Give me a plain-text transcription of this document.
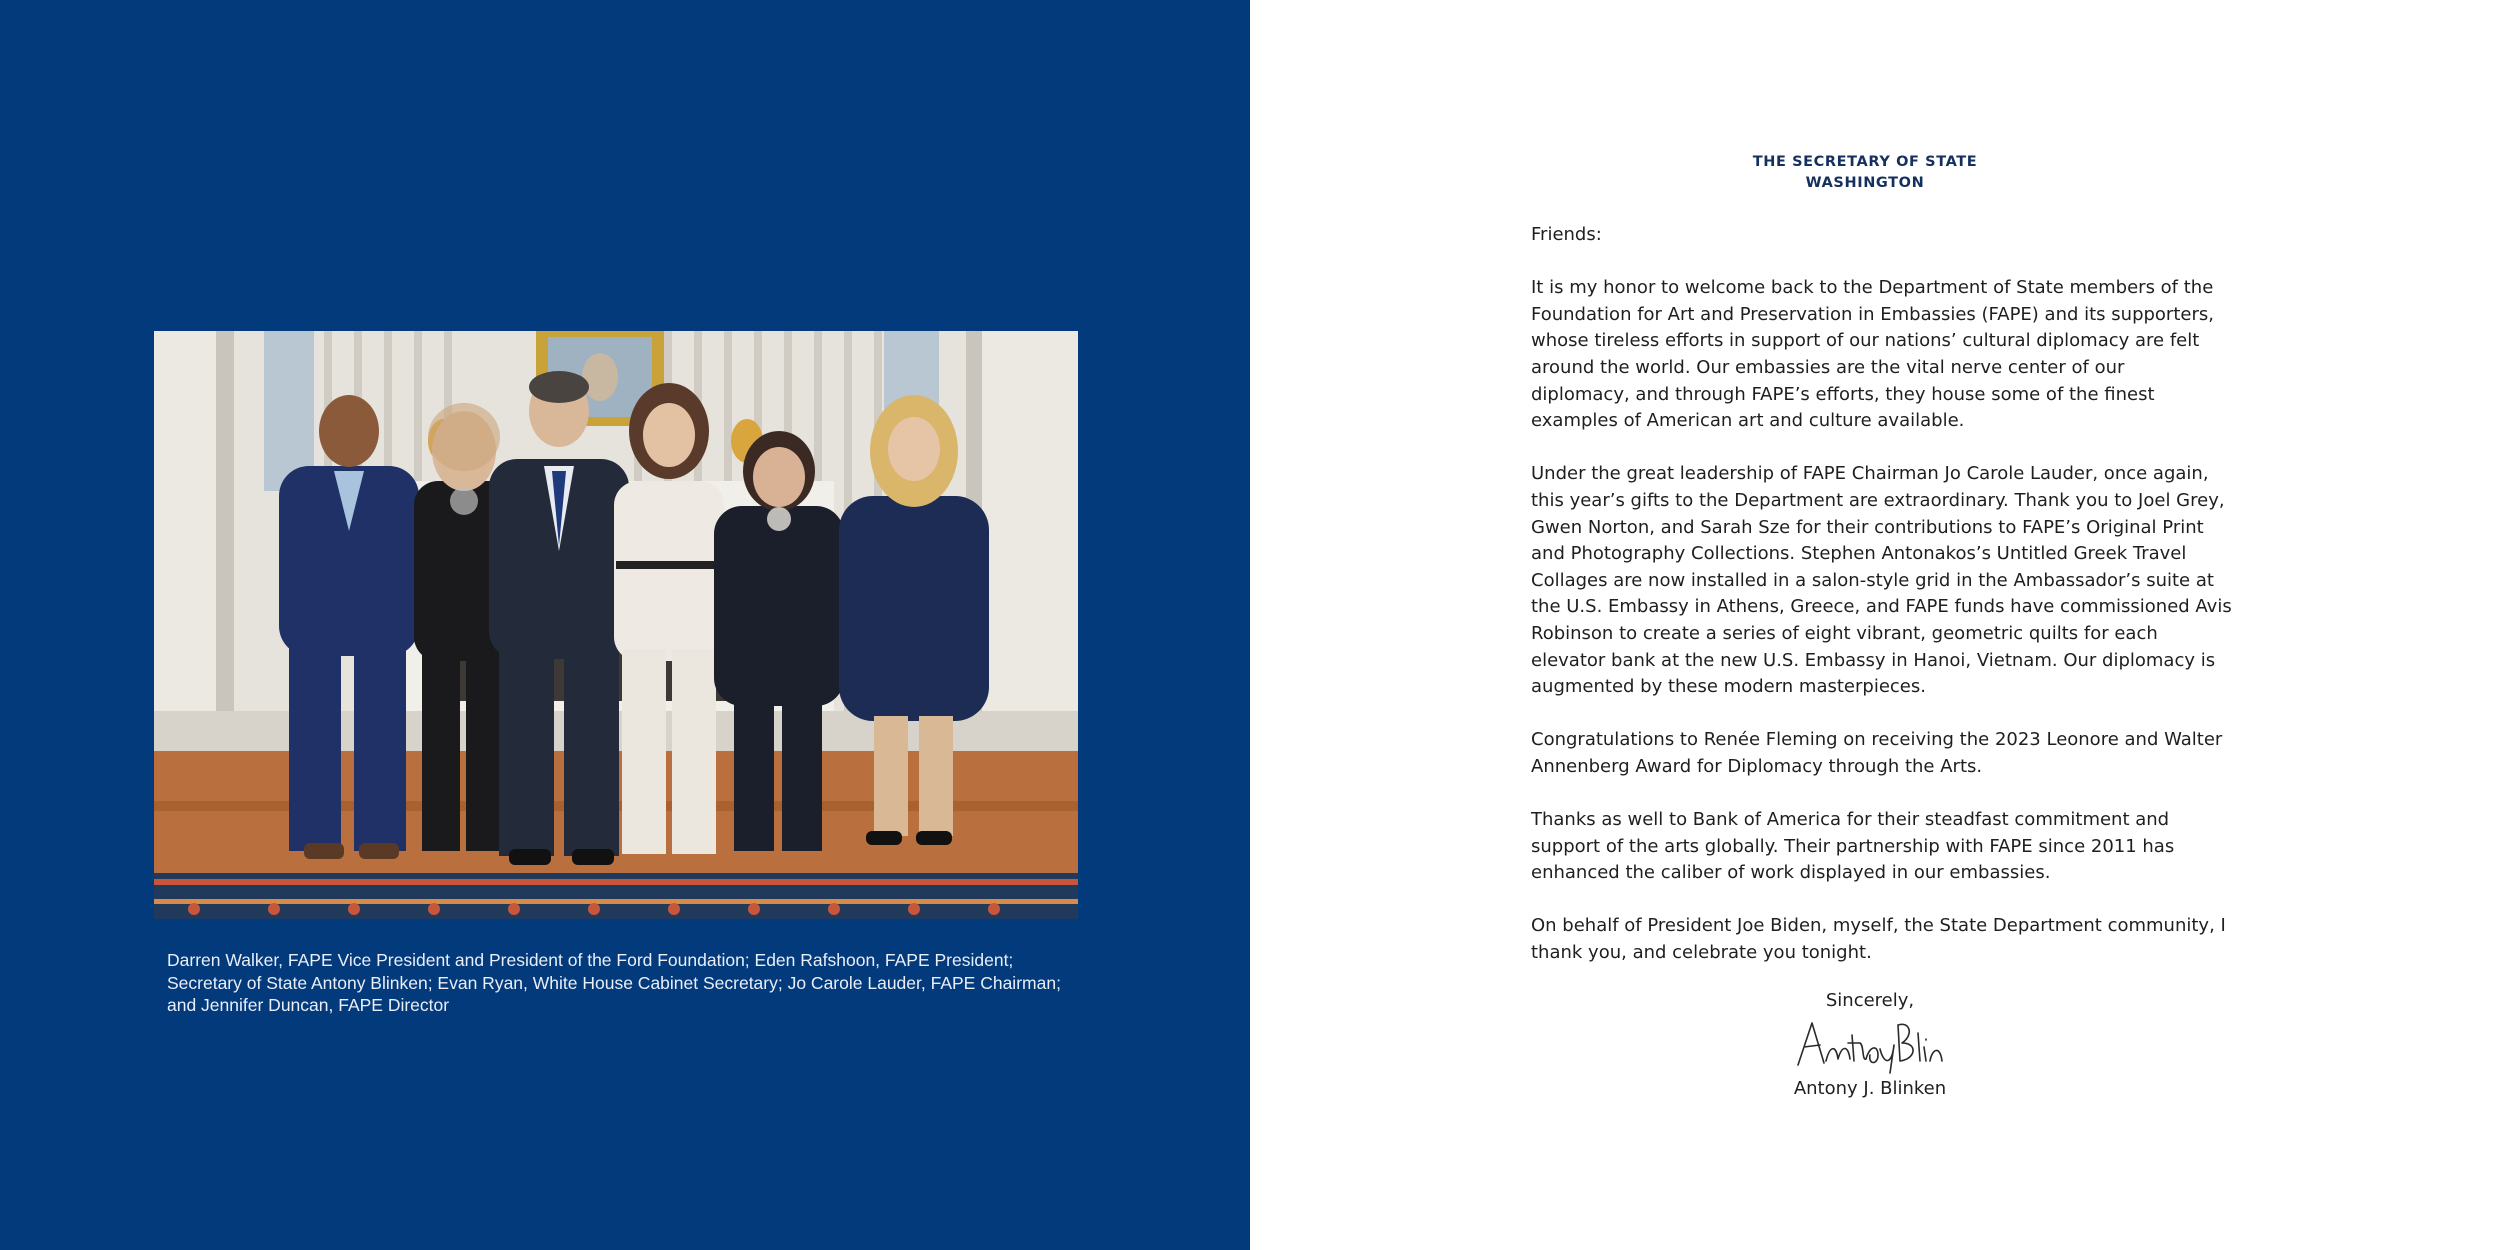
Darren Walker, FAPE Vice President and President of the Ford Foundation; Eden Rafshoon, FAPE President;
Secretary of State Antony Blinken; Evan Ryan, White House Cabinet Secretary; Jo Carole Lauder, FAPE Chairman;
and Jennifer Duncan, FAPE Director
THE SECRETARY OF STATE
WASHINGTON
Friends:
It is my honor to welcome back to the Department of State members of the
Foundation for Art and Preservation in Embassies (FAPE) and its supporters,
whose tireless efforts in support of our nations’ cultural diplomacy are felt
around the world. Our embassies are the vital nerve center of our
diplomacy, and through FAPE’s efforts, they house some of the finest
examples of American art and culture available.
Under the great leadership of FAPE Chairman Jo Carole Lauder, once again,
this year’s gifts to the Department are extraordinary. Thank you to Joel Grey,
Gwen Norton, and Sarah Sze for their contributions to FAPE’s Original Print
and Photography Collections. Stephen Antonakos’s Untitled Greek Travel
Collages are now installed in a salon-style grid in the Ambassador’s suite at
the U.S. Embassy in Athens, Greece, and FAPE funds have commissioned Avis
Robinson to create a series of eight vibrant, geometric quilts for each
elevator bank at the new U.S. Embassy in Hanoi, Vietnam. Our diplomacy is
augmented by these modern masterpieces.
Congratulations to Renée Fleming on receiving the 2023 Leonore and Walter
Annenberg Award for Diplomacy through the Arts.
Thanks as well to Bank of America for their steadfast commitment and
support of the arts globally. Their partnership with FAPE since 2011 has
enhanced the caliber of work displayed in our embassies.
On behalf of President Joe Biden, myself, the State Department community, I
thank you, and celebrate you tonight.
Sincerely,
Antony J. Blinken
